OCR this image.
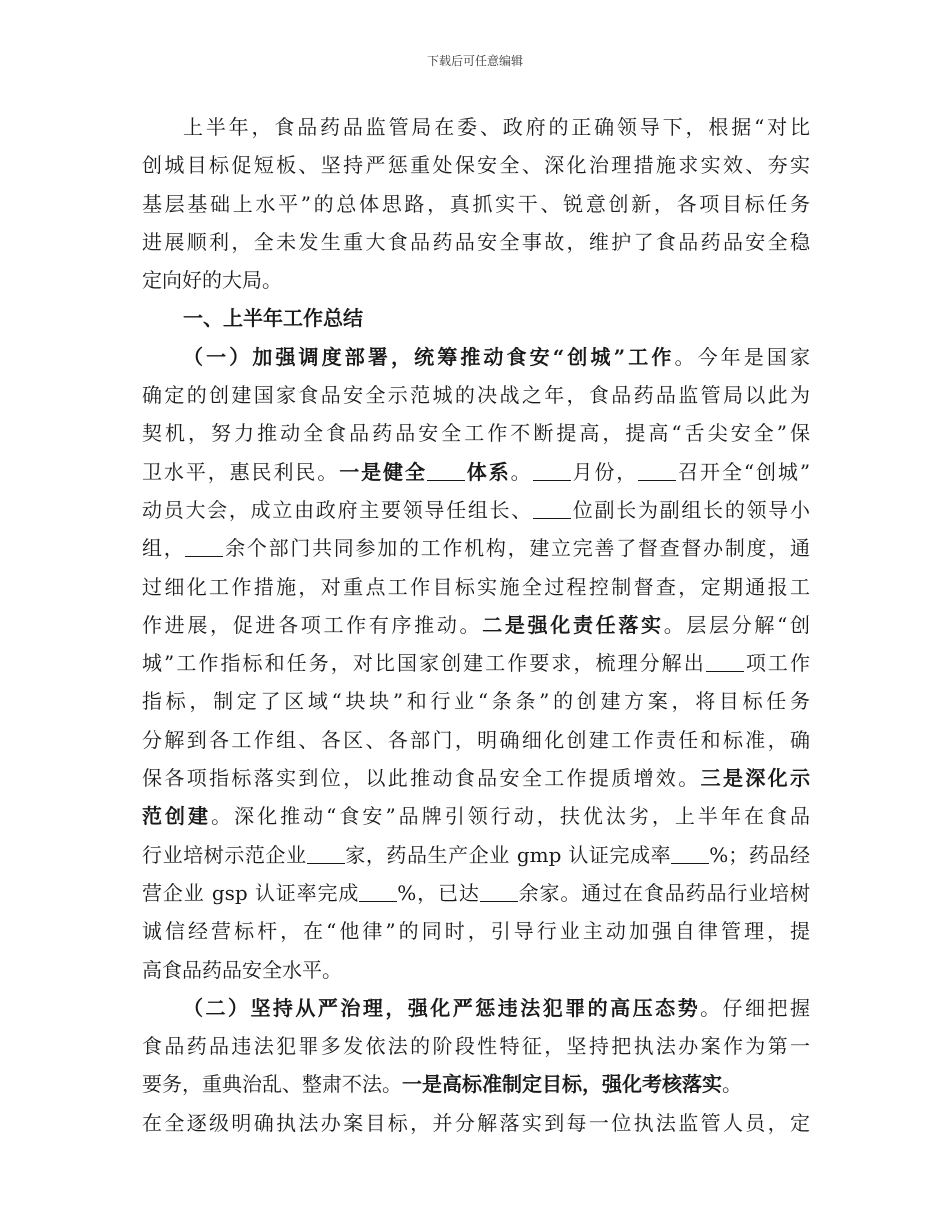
下载后可任意编辑
上半年，食品药品监管局在委、政府的正确领导下，根据“对比
创城目标促短板、坚持严惩重处保安全、深化治理措施求实效、夯实
基层基础上水平”的总体思路，真抓实干、锐意创新，各项目标任务
进展顺利，全未发生重大食品药品安全事故，维护了食品药品安全稳
定向好的大局。
一、上半年工作总结
（一）加强调度部署，统筹推动食安“创城”工作。今年是国家
确定的创建国家食品安全示范城的决战之年，食品药品监管局以此为
契机，努力推动全食品药品安全工作不断提高，提高“舌尖安全”保
卫水平，惠民利民。一是健全 体系。 月份， 召开全“创城”
动员大会，成立由政府主要领导任组长、 位副长为副组长的领导小
组， 余个部门共同参加的工作机构，建立完善了督查督办制度，通
过细化工作措施，对重点工作目标实施全过程控制督查，定期通报工
作进展，促进各项工作有序推动。二是强化责任落实。层层分解“创
城”工作指标和任务，对比国家创建工作要求，梳理分解出 项工作
指标，制定了区域“块块”和行业“条条”的创建方案，将目标任务
分解到各工作组、各区、各部门，明确细化创建工作责任和标准，确
保各项指标落实到位，以此推动食品安全工作提质增效。三是深化示
范创建。深化推动“食安”品牌引领行动，扶优汰劣，上半年在食品
行业培树示范企业 家，药品生产企业 gmp 认证完成率 %；药品经
营企业 gsp 认证率完成 %，已达 余家。通过在食品药品行业培树
诚信经营标杆，在“他律”的同时，引导行业主动加强自律管理，提
高食品药品安全水平。
（二）坚持从严治理，强化严惩违法犯罪的高压态势。仔细把握
食品药品违法犯罪多发依法的阶段性特征，坚持把执法办案作为第一
要务，重典治乱、整肃不法。一是高标准制定目标，强化考核落实。
在全逐级明确执法办案目标，并分解落实到每一位执法监管人员，定
